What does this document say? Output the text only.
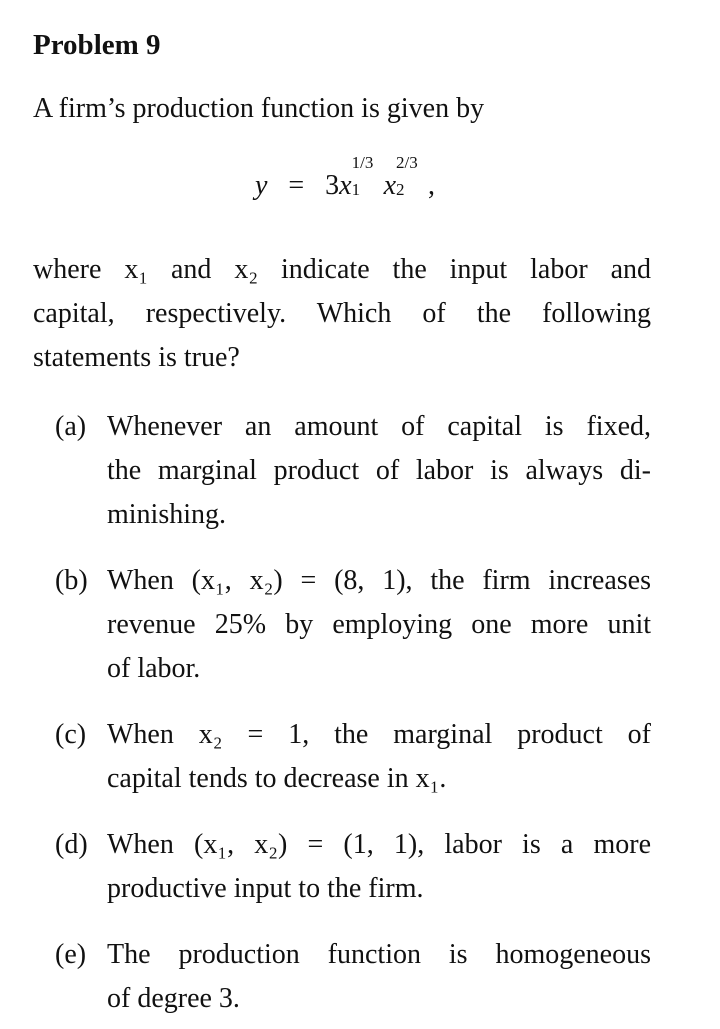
Problem 9
A firm’s production function is given by
y = 3x
1/3
1 x
2/3
2 ,
where x₁ and x₂ indicate the input labor and
capital, respectively. Which of the following
statements is true?
(a) Whenever an amount of capital is fixed,
the marginal product of labor is always di-
minishing.
(b) When (x₁, x₂) = (8, 1), the firm increases
revenue 25% by employing one more unit
of labor.
(c) When x₂ = 1, the marginal product of
capital tends to decrease in x₁.
(d) When (x₁, x₂) = (1, 1), labor is a more
productive input to the firm.
(e) The production function is homogeneous
of degree 3.
